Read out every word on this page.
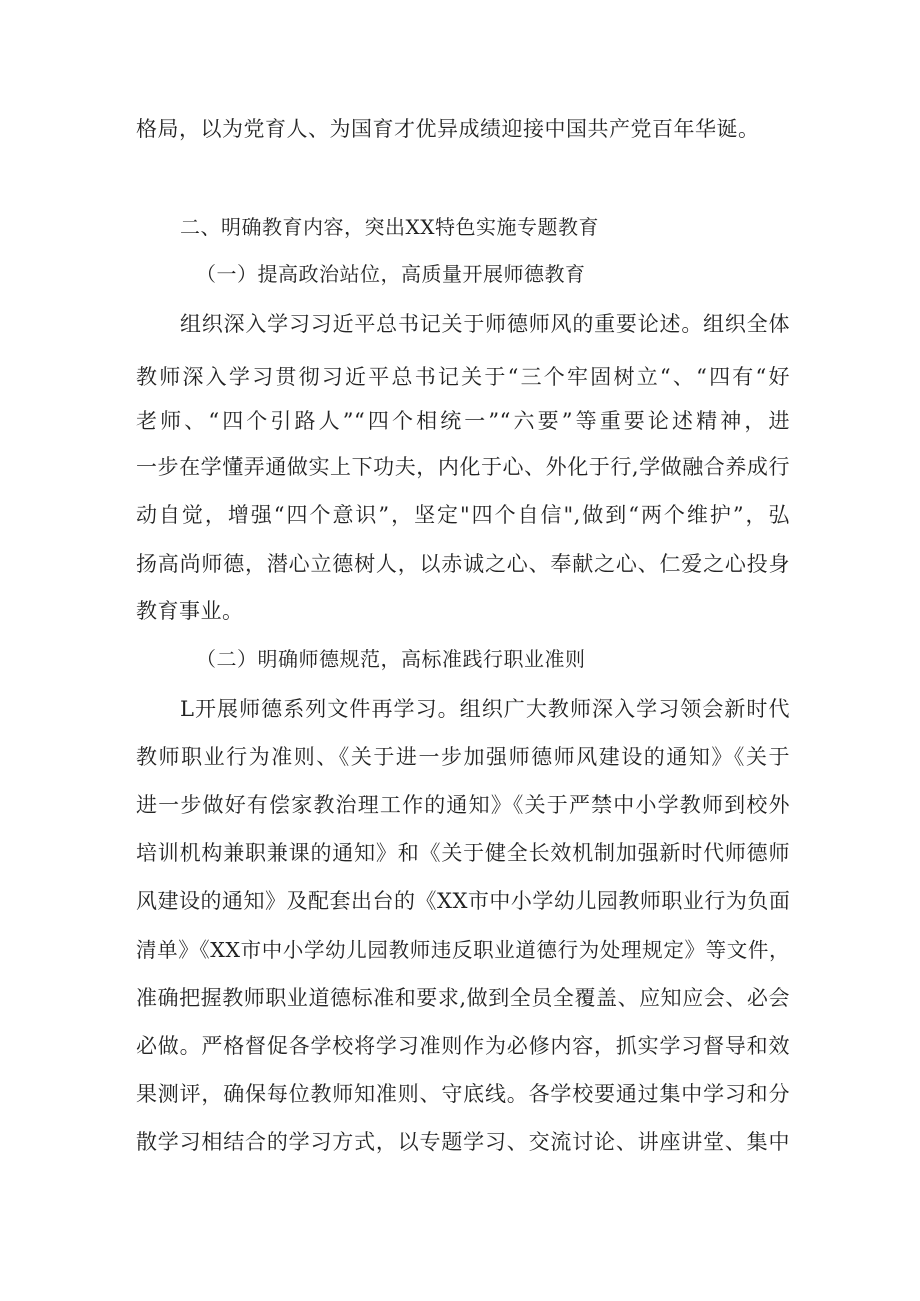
格局，以为党育人、为国育才优异成绩迎接中国共产党百年华诞。
二、明确教育内容，突出XX特色实施专题教育
（一）提高政治站位，高质量开展师德教育
组织深入学习习近平总书记关于师德师风的重要论述。组织全体
教师深入学习贯彻习近平总书记关于“三个牢固树立“、“四有“好
老师、“四个引路人”“四个相统一”“六要”等重要论述精神，进
一步在学懂弄通做实上下功夫，内化于心、外化于行,学做融合养成行
动自觉，增强“四个意识”，坚定"四个自信",做到“两个维护”，弘
扬高尚师德，潜心立德树人，以赤诚之心、奉献之心、仁爱之心投身
教育事业。
（二）明确师德规范，高标准践行职业准则
L开展师德系列文件再学习。组织广大教师深入学习领会新时代
教师职业行为准则、《关于进一步加强师德师风建设的通知》《关于
进一步做好有偿家教治理工作的通知》《关于严禁中小学教师到校外
培训机构兼职兼课的通知》和《关于健全长效机制加强新时代师德师
风建设的通知》及配套出台的《XX市中小学幼儿园教师职业行为负面
清单》《XX市中小学幼儿园教师违反职业道德行为处理规定》等文件，
准确把握教师职业道德标准和要求,做到全员全覆盖、应知应会、必会
必做。严格督促各学校将学习准则作为必修内容，抓实学习督导和效
果测评，确保每位教师知准则、守底线。各学校要通过集中学习和分
散学习相结合的学习方式，以专题学习、交流讨论、讲座讲堂、集中
